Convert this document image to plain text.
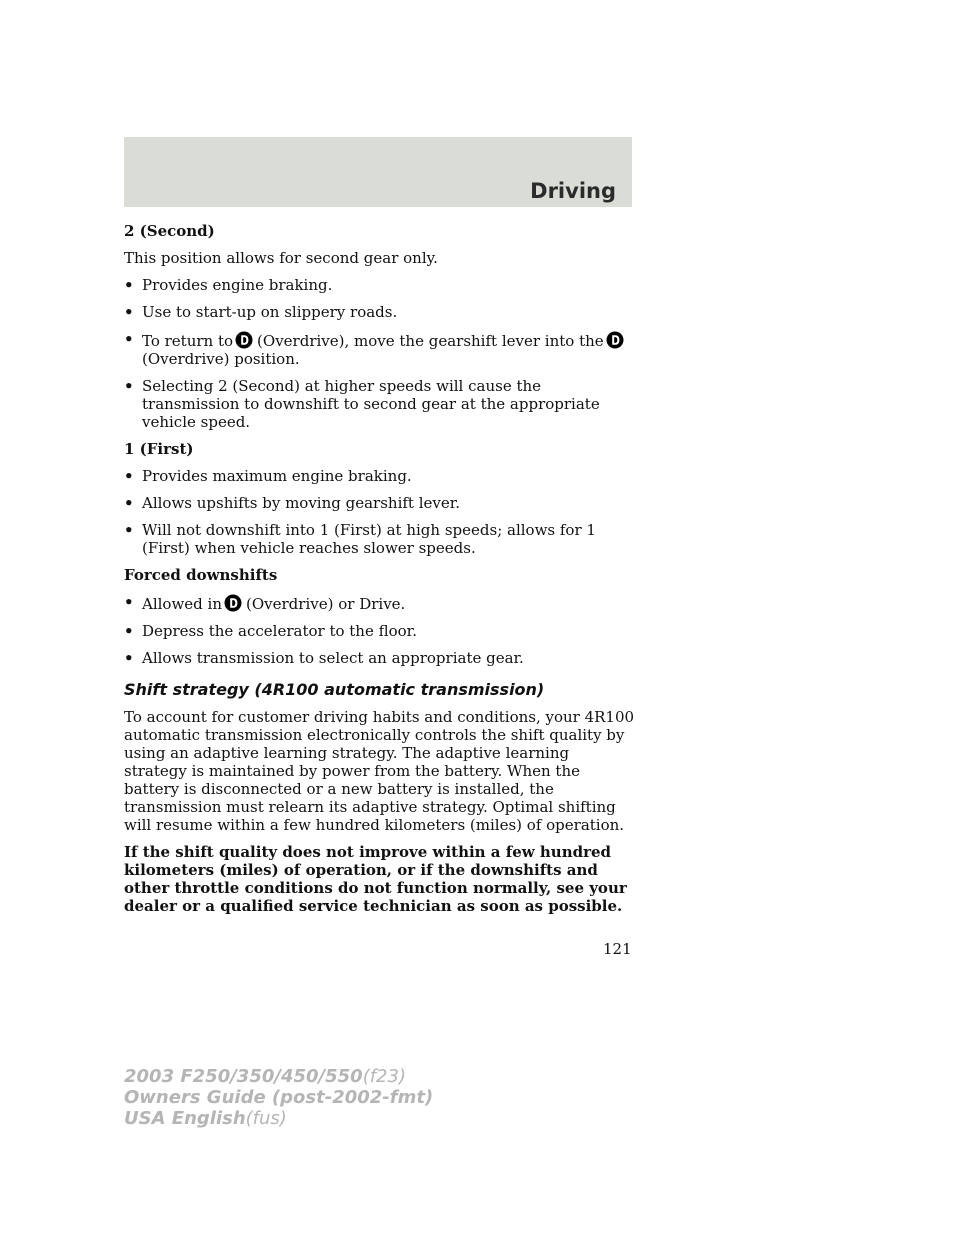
Driving

2 (Second)

This position allows for second gear only.

• Provides engine braking.
• Use to start-up on slippery roads.
• To return to (Overdrive), move the gearshift lever into the
(Overdrive) position.
• Selecting 2 (Second) at higher speeds will cause the transmission to downshift to second gear at the appropriate vehicle speed.

1 (First)

• Provides maximum engine braking.
• Allows upshifts by moving gearshift lever.
• Will not downshift into 1 (First) at high speeds; allows for 1 (First) when vehicle reaches slower speeds.

Forced downshifts

• Allowed in (Overdrive) or Drive.
• Depress the accelerator to the floor.
• Allows transmission to select an appropriate gear.
Shift strategy (4R100 automatic transmission)

To account for customer driving habits and conditions, your 4R100 automatic transmission electronically controls the shift quality by using an adaptive learning strategy. The adaptive learning strategy is maintained by power from the battery. When the battery is disconnected or a new battery is installed, the transmission must relearn its adaptive strategy. Optimal shifting will resume within a few hundred kilometers (miles) of operation.

If the shift quality does not improve within a few hundred kilometers (miles) of operation, or if the downshifts and other throttle conditions do not function normally, see your dealer or a qualified service technician as soon as possible.

121
2003 F250/350/450/550(f23)
Owners Guide (post-2002-fmt)
USA English(fus)
